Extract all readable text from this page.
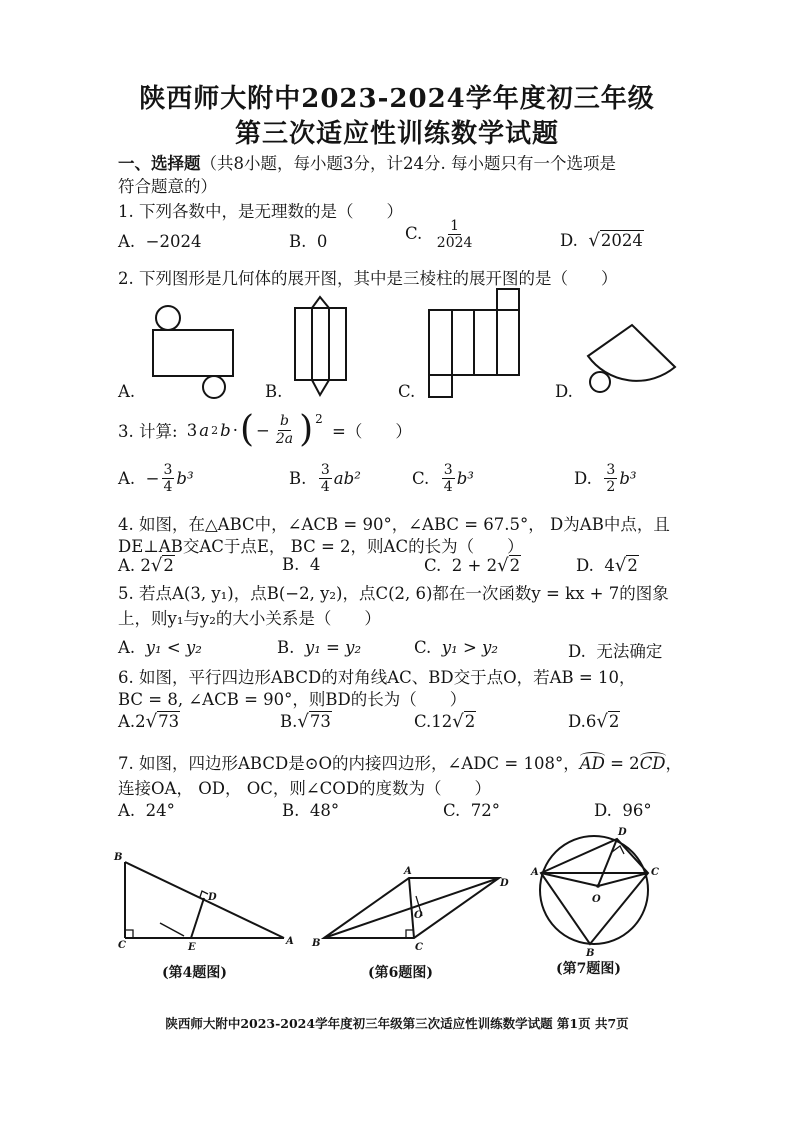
陕西师大附中2023-2024学年度初三年级
第三次适应性训练数学试题
一、选择题（共8小题，每小题3分，计24分. 每小题只有一个选项是
符合题意的）
1. 下列各数中，是无理数的是（　　）
A. −2024	B. 0	C. $\frac{1}{2024}$	D. √2024
2. 下列图形是几何体的展开图，其中是三棱柱的展开图的是（　　）
A.	B.	C.	D.
3. 计算:
3 a 2 b · ( − $\frac{b}{2a} )^2$

=（　　）
A.
− $\frac{3}{4} b^3$	B.
$\frac{3}{4} ab^2$	C.
$\frac{3}{4} b^3$	D.
$\frac{3}{2} b^3$
4. 如图，在△ABC中，∠ACB = 90°，∠ABC = 67.5°， D为AB中点，且
DE⊥AB交AC于点E， BC = 2，则AC的长为（　　）
A. 2√2	B. 4	C. 2 + 2√2	D. 4√2
5. 若点A(3, y₁)，点B(−2, y₂)，点C(2, 6)都在一次函数y = kx + 7的图象
上，则y₁与y₂的大小关系是（　　）
A. y₁ < y₂	B. y₁ = y₂	C. y₁ > y₂	D. 无法确定
6. 如图，平行四边形ABCD的对角线AC、BD交于点O，若AB = 10，
BC = 8, ∠ACB = 90°，则BD的长为（　　）
A.2√73	B.√73	C.12√2	D.6√2
7. 如图，四边形ABCD是⊙O的内接四边形，∠ADC = 108°，AD = 2CD，
连接OA， OD， OC，则∠COD的度数为（　　）
A. 24°	B. 48°	C. 72°	D. 96°
B
C	E
A
D
(第4题图)
A
D
O
B	C
(第6题图)
D
A	C
O
B
(第7题图)
陕西师大附中2023-2024学年度初三年级第三次适应性训练数学试题 第1页 共7页
